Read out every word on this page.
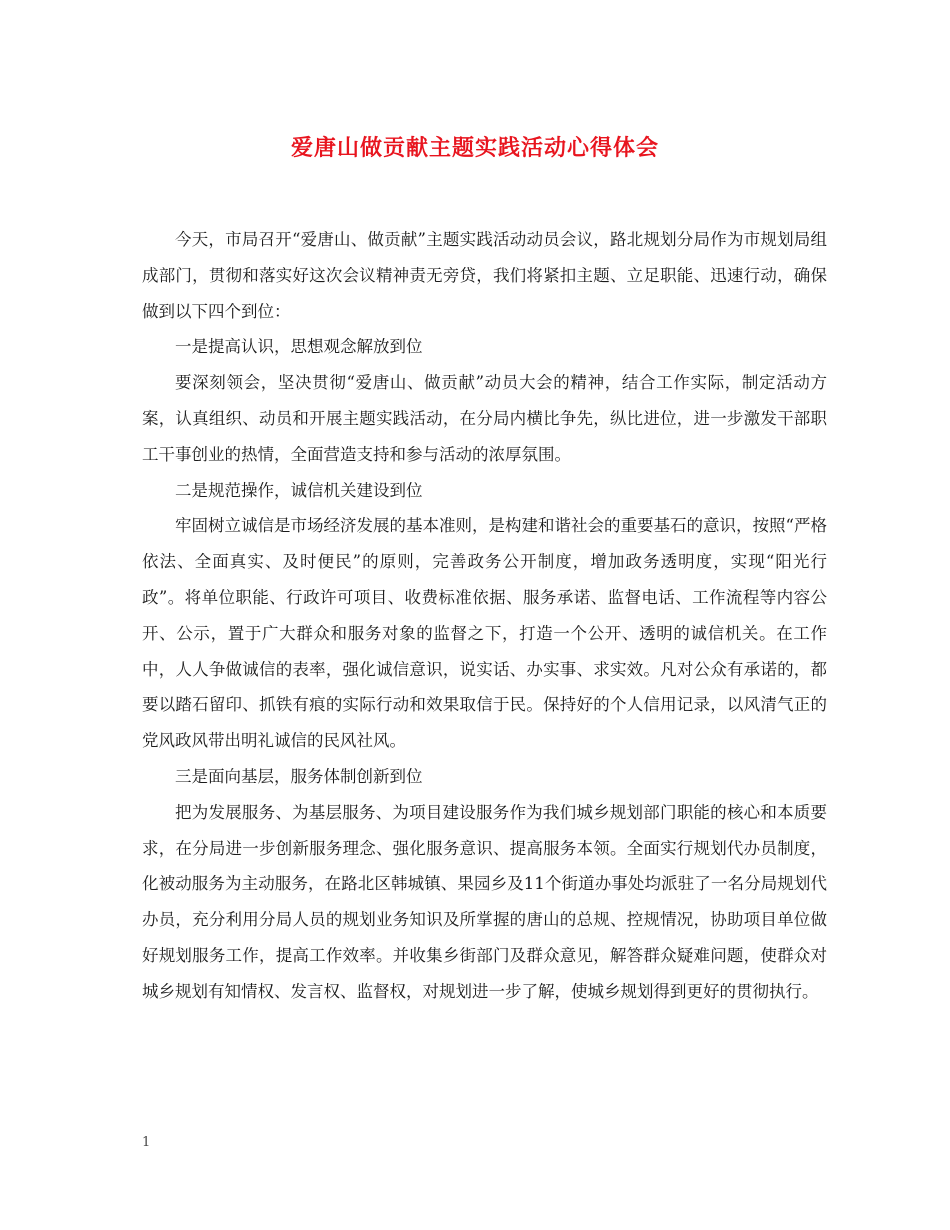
爱唐山做贡献主题实践活动心得体会

今天，市局召开“爱唐山、做贡献”主题实践活动动员会议，路北规划分局作为市规划局组成部门，贯彻和落实好这次会议精神责无旁贷，我们将紧扣主题、立足职能、迅速行动，确保做到以下四个到位：

一是提高认识，思想观念解放到位

要深刻领会，坚决贯彻“爱唐山、做贡献”动员大会的精神，结合工作实际，制定活动方案，认真组织、动员和开展主题实践活动，在分局内横比争先，纵比进位，进一步激发干部职工干事创业的热情，全面营造支持和参与活动的浓厚氛围。

二是规范操作，诚信机关建设到位

牢固树立诚信是市场经济发展的基本准则，是构建和谐社会的重要基石的意识，按照“严格依法、全面真实、及时便民”的原则，完善政务公开制度，增加政务透明度，实现“阳光行政”。将单位职能、行政许可项目、收费标准依据、服务承诺、监督电话、工作流程等内容公开、公示，置于广大群众和服务对象的监督之下，打造一个公开、透明的诚信机关。在工作中，人人争做诚信的表率，强化诚信意识，说实话、办实事、求实效。凡对公众有承诺的，都要以踏石留印、抓铁有痕的实际行动和效果取信于民。保持好的个人信用记录，以风清气正的党风政风带出明礼诚信的民风社风。

三是面向基层，服务体制创新到位

把为发展服务、为基层服务、为项目建设服务作为我们城乡规划部门职能的核心和本质要求，在分局进一步创新服务理念、强化服务意识、提高服务本领。全面实行规划代办员制度，化被动服务为主动服务，在路北区韩城镇、果园乡及11个街道办事处均派驻了一名分局规划代办员，充分利用分局人员的规划业务知识及所掌握的唐山的总规、控规情况，协助项目单位做好规划服务工作，提高工作效率。并收集乡街部门及群众意见，解答群众疑难问题，使群众对城乡规划有知情权、发言权、监督权，对规划进一步了解，使城乡规划得到更好的贯彻执行。

1
